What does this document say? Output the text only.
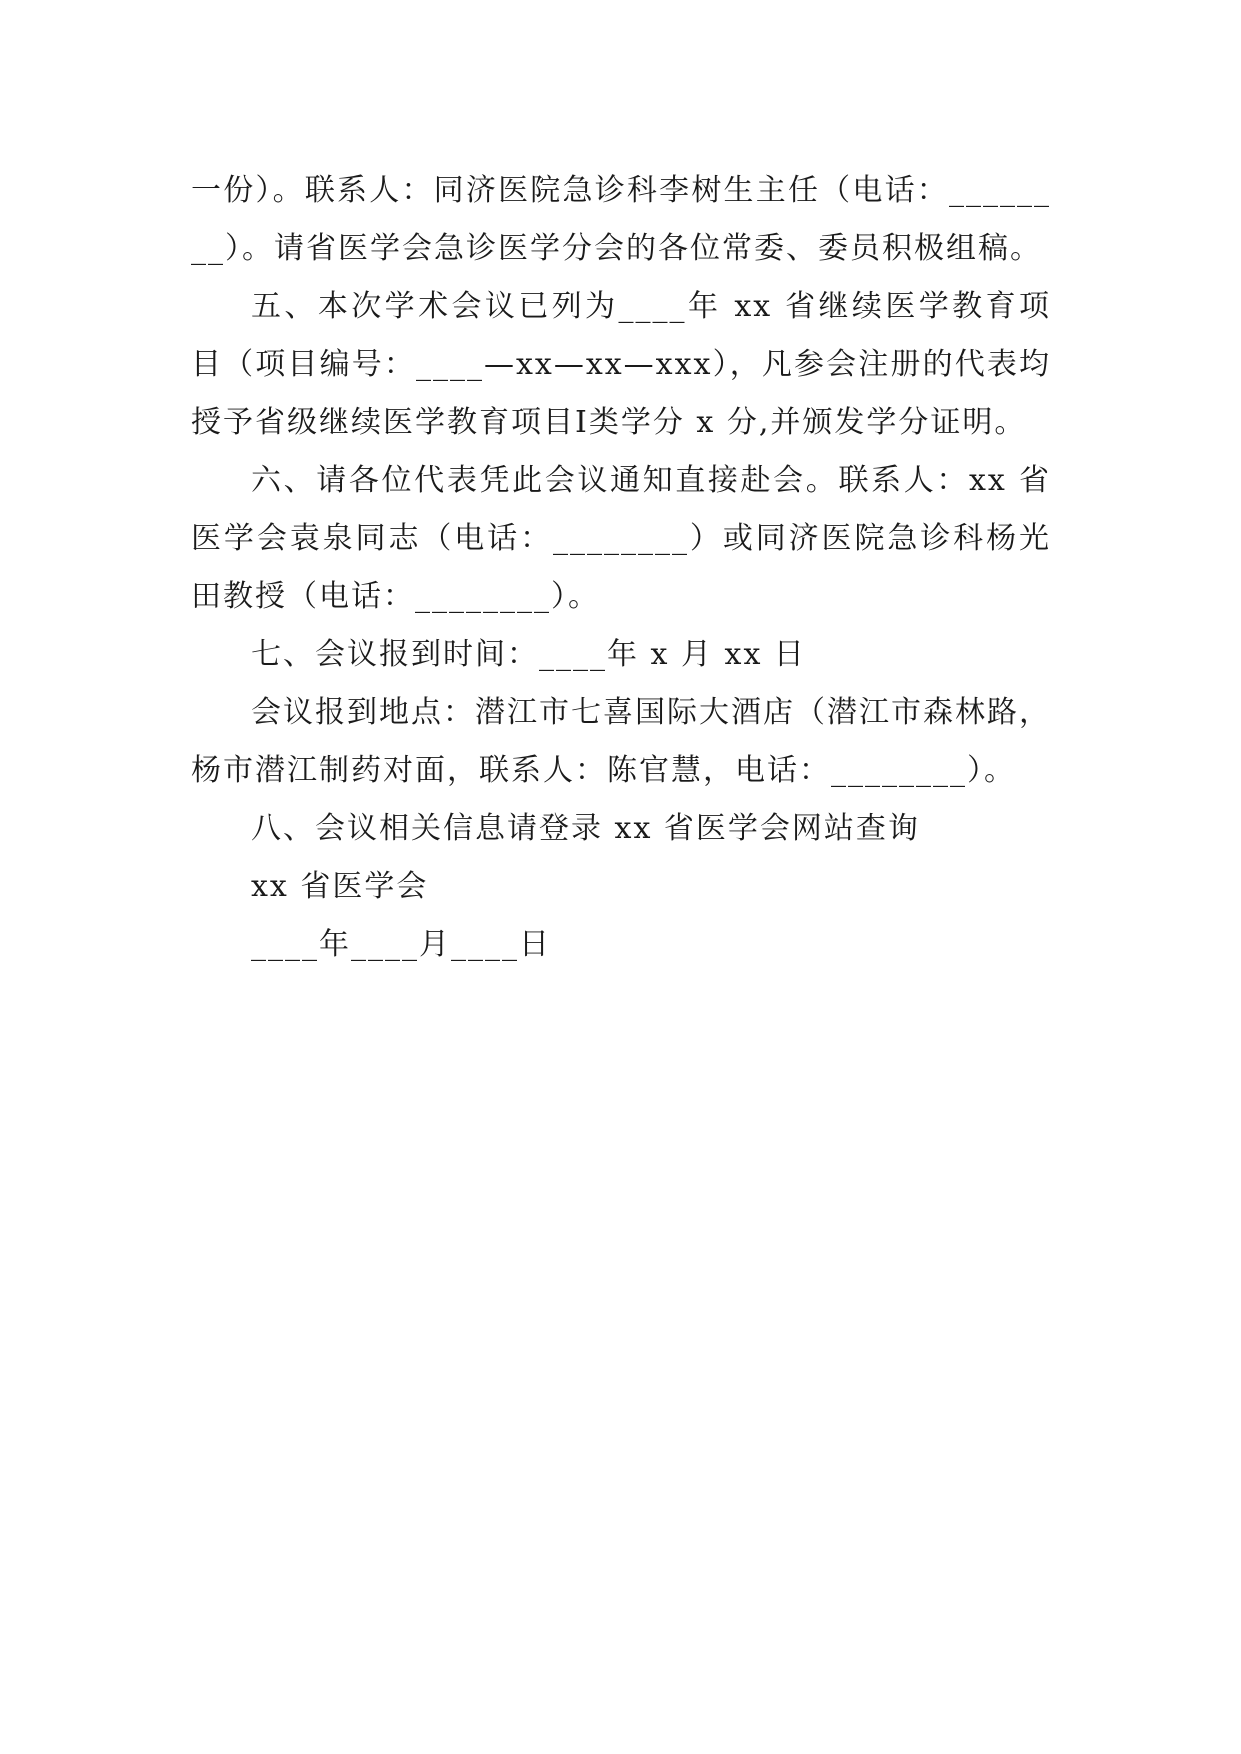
一份）。联系人：同济医院急诊科李树生主任（电话：________）。请省医学会急诊医学分会的各位常委、委员积极组稿。

五、本次学术会议已列为____年 xx 省继续医学教育项目（项目编号：____—xx—xx—xxx），凡参会注册的代表均授予省级继续医学教育项目Ⅰ类学分 x 分,并颁发学分证明。

六、请各位代表凭此会议通知直接赴会。联系人：xx 省医学会袁泉同志（电话：________）或同济医院急诊科杨光田教授（电话：________）。

七、会议报到时间：____年 x 月 xx 日

会议报到地点：潜江市七喜国际大酒店（潜江市森林路，杨市潜江制药对面，联系人：陈官慧，电话：________）。

八、会议相关信息请登录 xx 省医学会网站查询

xx 省医学会

____年____月____日
